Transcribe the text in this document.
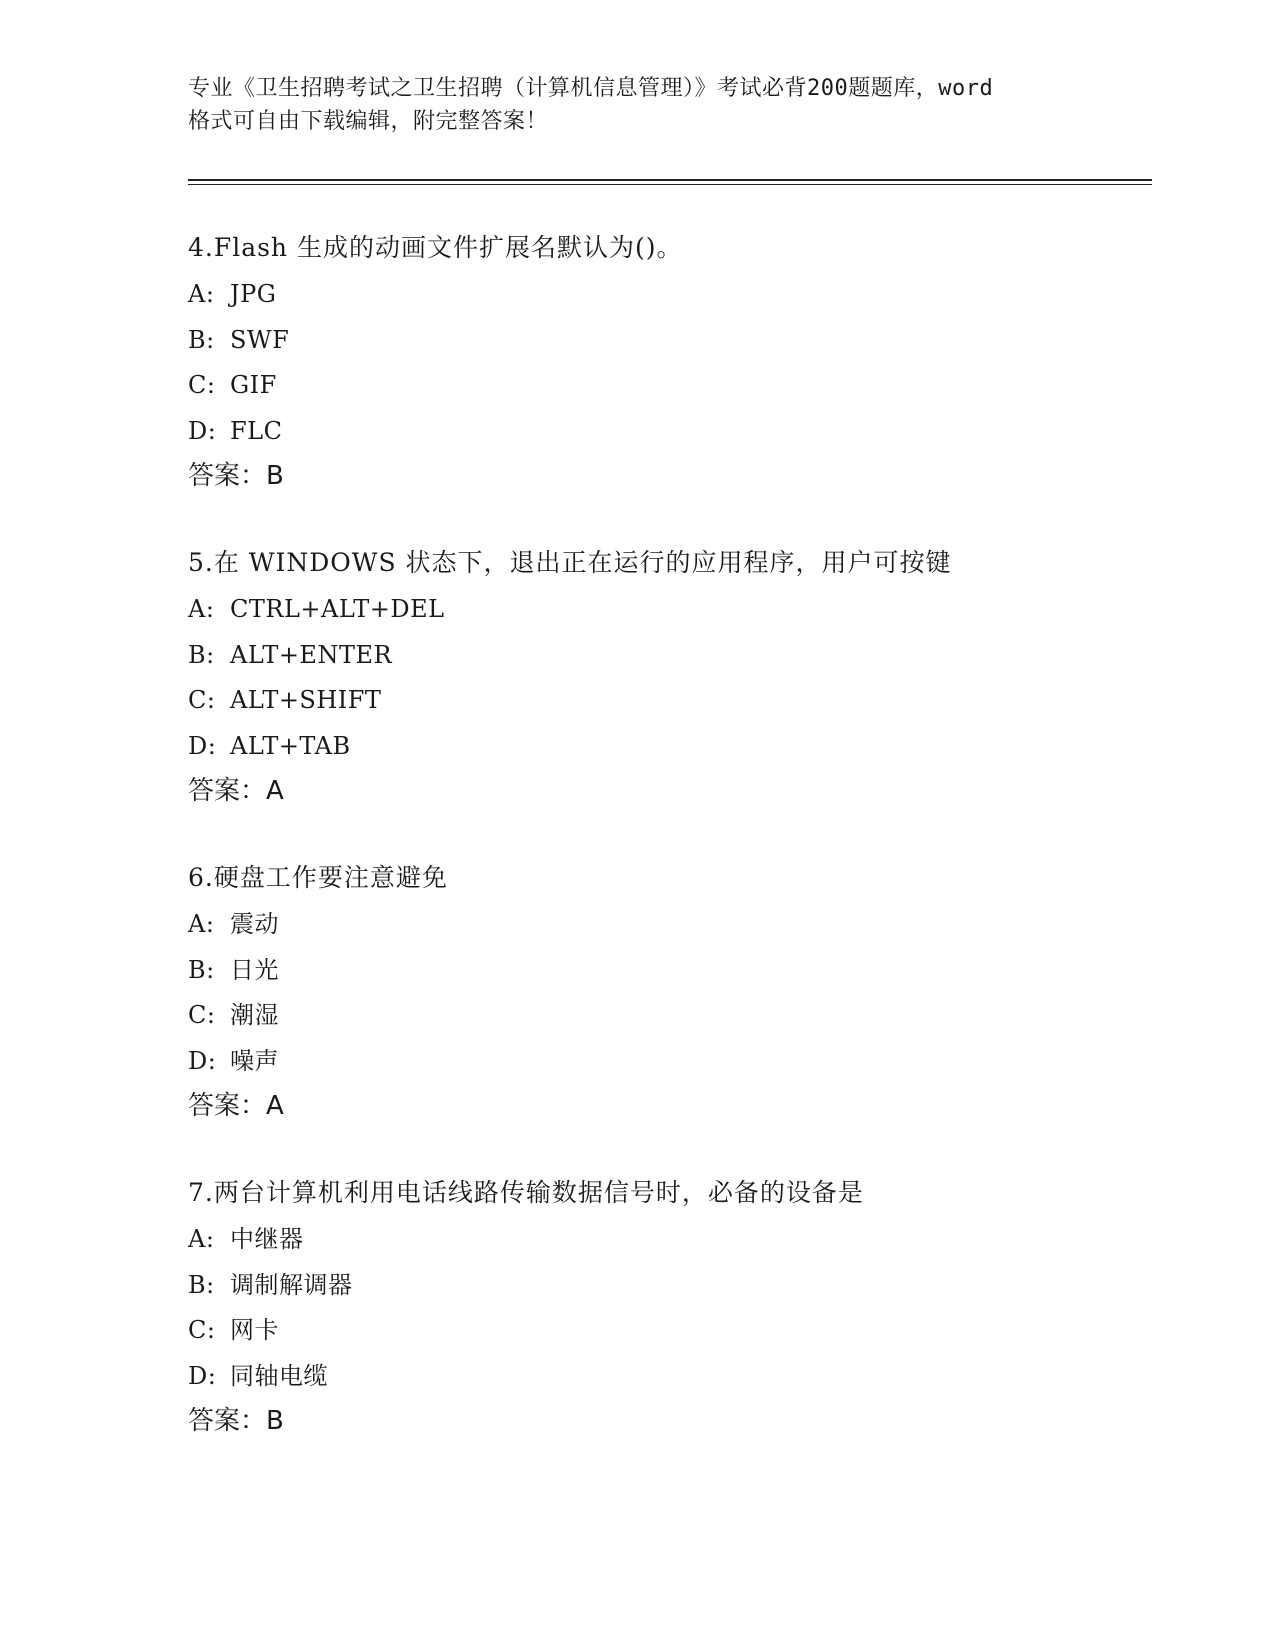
专业《卫生招聘考试之卫生招聘（计算机信息管理）》考试必背200题题库，word
格式可自由下载编辑，附完整答案！
4.Flash 生成的动画文件扩展名默认为()。
A: JPG
B: SWF
C: GIF
D: FLC
答案：B
5.在 WINDOWS 状态下，退出正在运行的应用程序，用户可按键
A: CTRL+ALT+DEL
B: ALT+ENTER
C: ALT+SHIFT
D: ALT+TAB
答案：A
6.硬盘工作要注意避免
A: 震动
B: 日光
C: 潮湿
D: 噪声
答案：A
7.两台计算机利用电话线路传输数据信号时，必备的设备是
A: 中继器
B: 调制解调器
C: 网卡
D: 同轴电缆
答案：B
